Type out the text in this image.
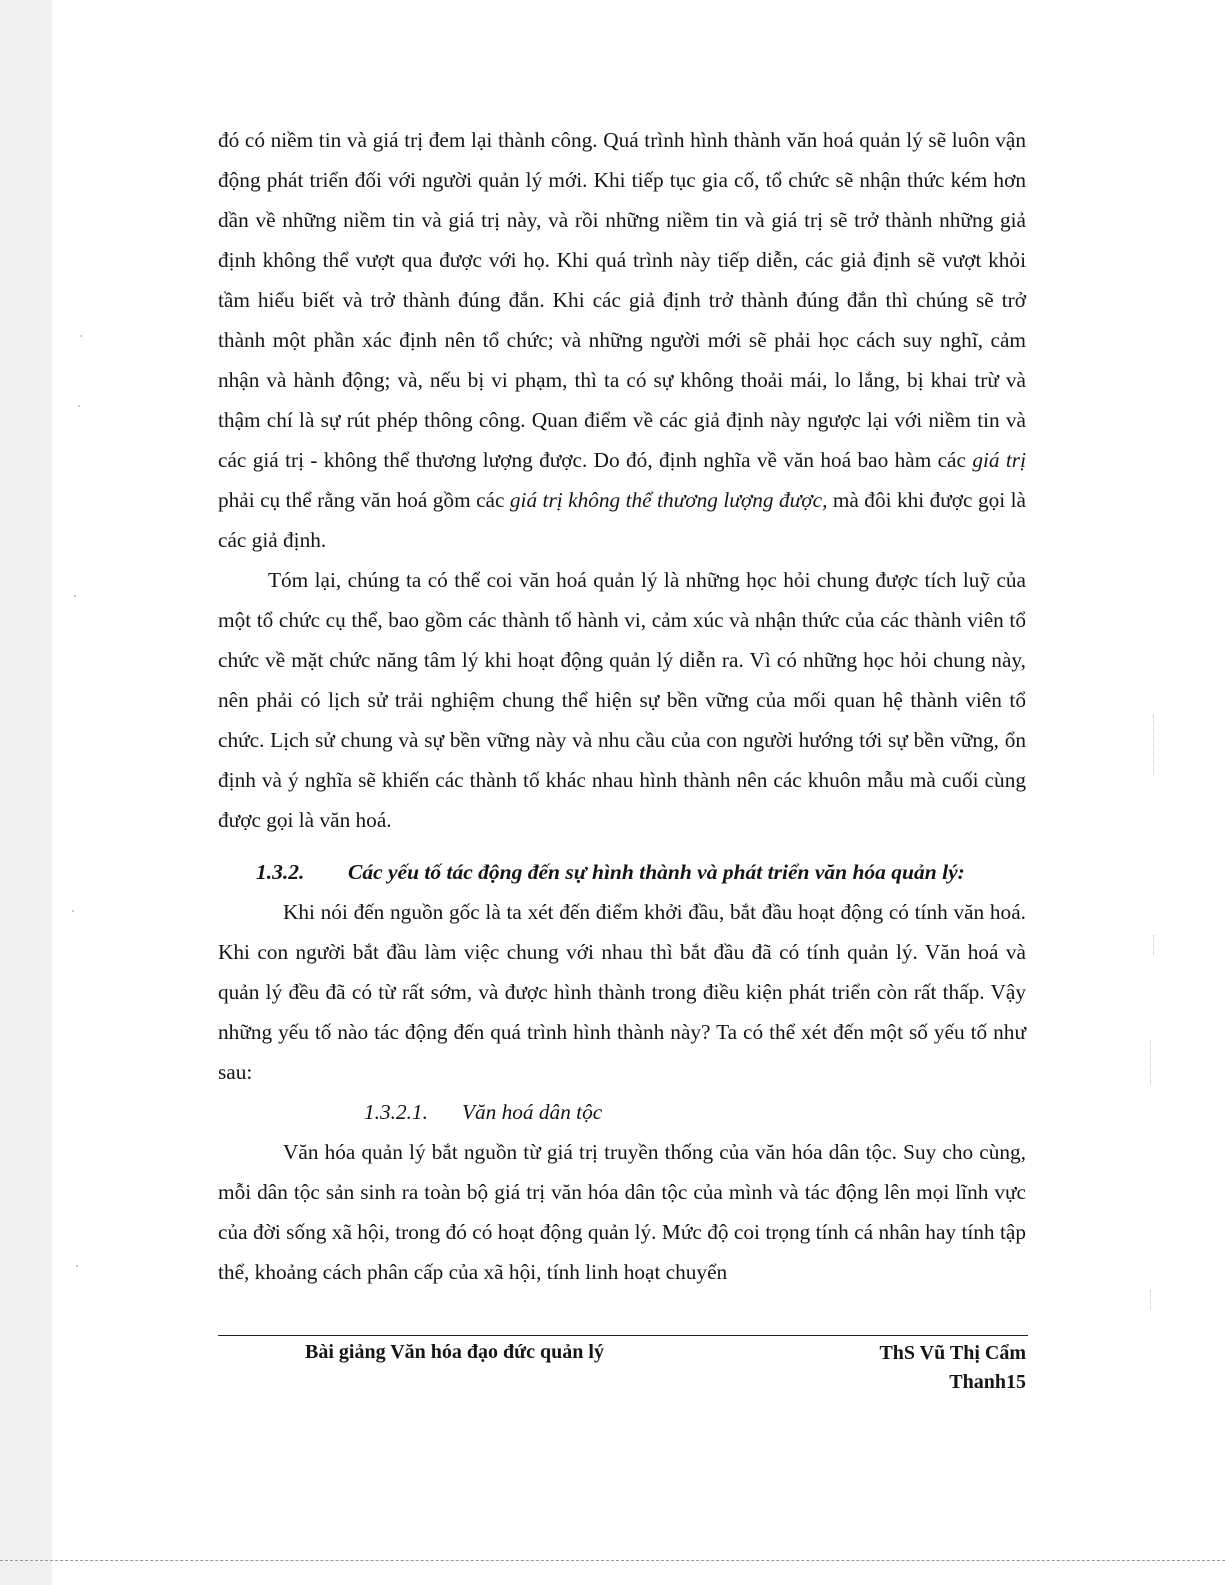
đó có niềm tin và giá trị đem lại thành công. Quá trình hình thành văn hoá quản lý sẽ luôn vận động phát triển đối với người quản lý mới. Khi tiếp tục gia cố, tổ chức sẽ nhận thức kém hơn dần về những niềm tin và giá trị này, và rồi những niềm tin và giá trị sẽ trở thành những giả định không thể vượt qua được với họ. Khi quá trình này tiếp diễn, các giả định sẽ vượt khỏi tầm hiểu biết và trở thành đúng đắn. Khi các giả định trở thành đúng đắn thì chúng sẽ trở thành một phần xác định nên tổ chức; và những người mới sẽ phải học cách suy nghĩ, cảm nhận và hành động; và, nếu bị vi phạm, thì ta có sự không thoải mái, lo lắng, bị khai trừ và thậm chí là sự rút phép thông công. Quan điểm về các giả định này ngược lại với niềm tin và các giá trị - không thể thương lượng được. Do đó, định nghĩa về văn hoá bao hàm các giá trị phải cụ thể rằng văn hoá gồm các giá trị không thể thương lượng được, mà đôi khi được gọi là các giả định.

Tóm lại, chúng ta có thể coi văn hoá quản lý là những học hỏi chung được tích luỹ của một tổ chức cụ thể, bao gồm các thành tố hành vi, cảm xúc và nhận thức của các thành viên tổ chức về mặt chức năng tâm lý khi hoạt động quản lý diễn ra. Vì có những học hỏi chung này, nên phải có lịch sử trải nghiệm chung thể hiện sự bền vững của mối quan hệ thành viên tổ chức. Lịch sử chung và sự bền vững này và nhu cầu của con người hướng tới sự bền vững, ổn định và ý nghĩa sẽ khiến các thành tố khác nhau hình thành nên các khuôn mẫu mà cuối cùng được gọi là văn hoá.

1.3.2. Các yếu tố tác động đến sự hình thành và phát triển văn hóa quản lý:

Khi nói đến nguồn gốc là ta xét đến điểm khởi đầu, bắt đầu hoạt động có tính văn hoá. Khi con người bắt đầu làm việc chung với nhau thì bắt đầu đã có tính quản lý. Văn hoá và quản lý đều đã có từ rất sớm, và được hình thành trong điều kiện phát triển còn rất thấp. Vậy những yếu tố nào tác động đến quá trình hình thành này? Ta có thể xét đến một số yếu tố như sau:

1.3.2.1. Văn hoá dân tộc

Văn hóa quản lý bắt nguồn từ giá trị truyền thống của văn hóa dân tộc. Suy cho cùng, mỗi dân tộc sản sinh ra toàn bộ giá trị văn hóa dân tộc của mình và tác động lên mọi lĩnh vực của đời sống xã hội, trong đó có hoạt động quản lý. Mức độ coi trọng tính cá nhân hay tính tập thể, khoảng cách phân cấp của xã hội, tính linh hoạt chuyển

Bài giảng Văn hóa đạo đức quản lý	ThS Vũ Thị Cẩm
Thanh15
